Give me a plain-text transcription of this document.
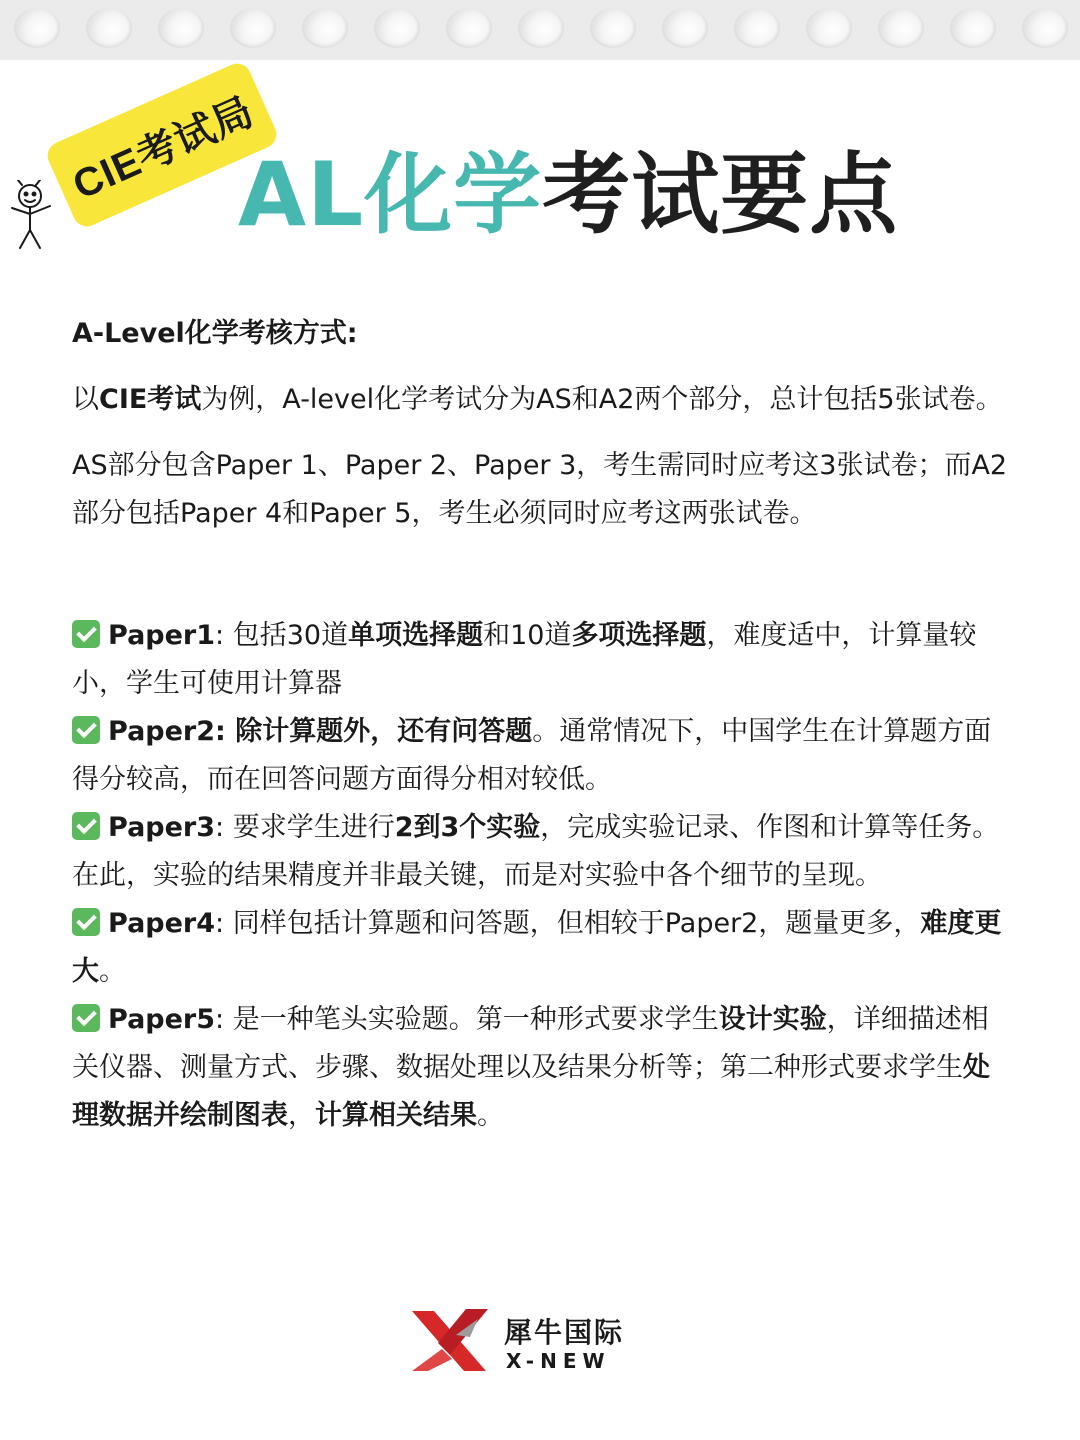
CIE考试局
AL化学考试要点

A-Level化学考核方式:

以CIE考试为例，A-level化学考试分为AS和A2两个部分，总计包括5张试卷。

AS部分包含Paper 1、Paper 2、Paper 3，考生需同时应考这3张试卷；而A2部分包括Paper 4和Paper 5，考生必须同时应考这两张试卷。

Paper1: 包括30道单项选择题和10道多项选择题，难度适中，计算量较小，学生可使用计算器

Paper2: 除计算题外，还有问答题。通常情况下，中国学生在计算题方面得分较高，而在回答问题方面得分相对较低。

Paper3: 要求学生进行2到3个实验，完成实验记录、作图和计算等任务。在此，实验的结果精度并非最关键，而是对实验中各个细节的呈现。

Paper4: 同样包括计算题和问答题，但相较于Paper2，题量更多，难度更大。

Paper5: 是一种笔头实验题。第一种形式要求学生设计实验，详细描述相关仪器、测量方式、步骤、数据处理以及结果分析等；第二种形式要求学生处理数据并绘制图表，计算相关结果。

犀牛国际
X-NEW
